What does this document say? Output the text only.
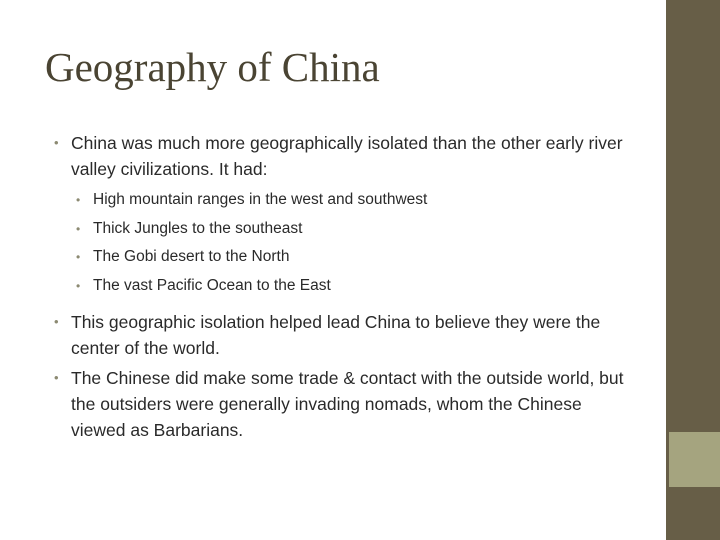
Geography of China
• China was much more geographically isolated than the other early river valley civilizations. It had:
• High mountain ranges in the west and southwest
• Thick Jungles to the southeast
• The Gobi desert to the North
• The vast Pacific Ocean to the East
• This geographic isolation helped lead China to believe they were the center of the world.
• The Chinese did make some trade & contact with the outside world, but the outsiders were generally invading nomads, whom the Chinese viewed as Barbarians.
